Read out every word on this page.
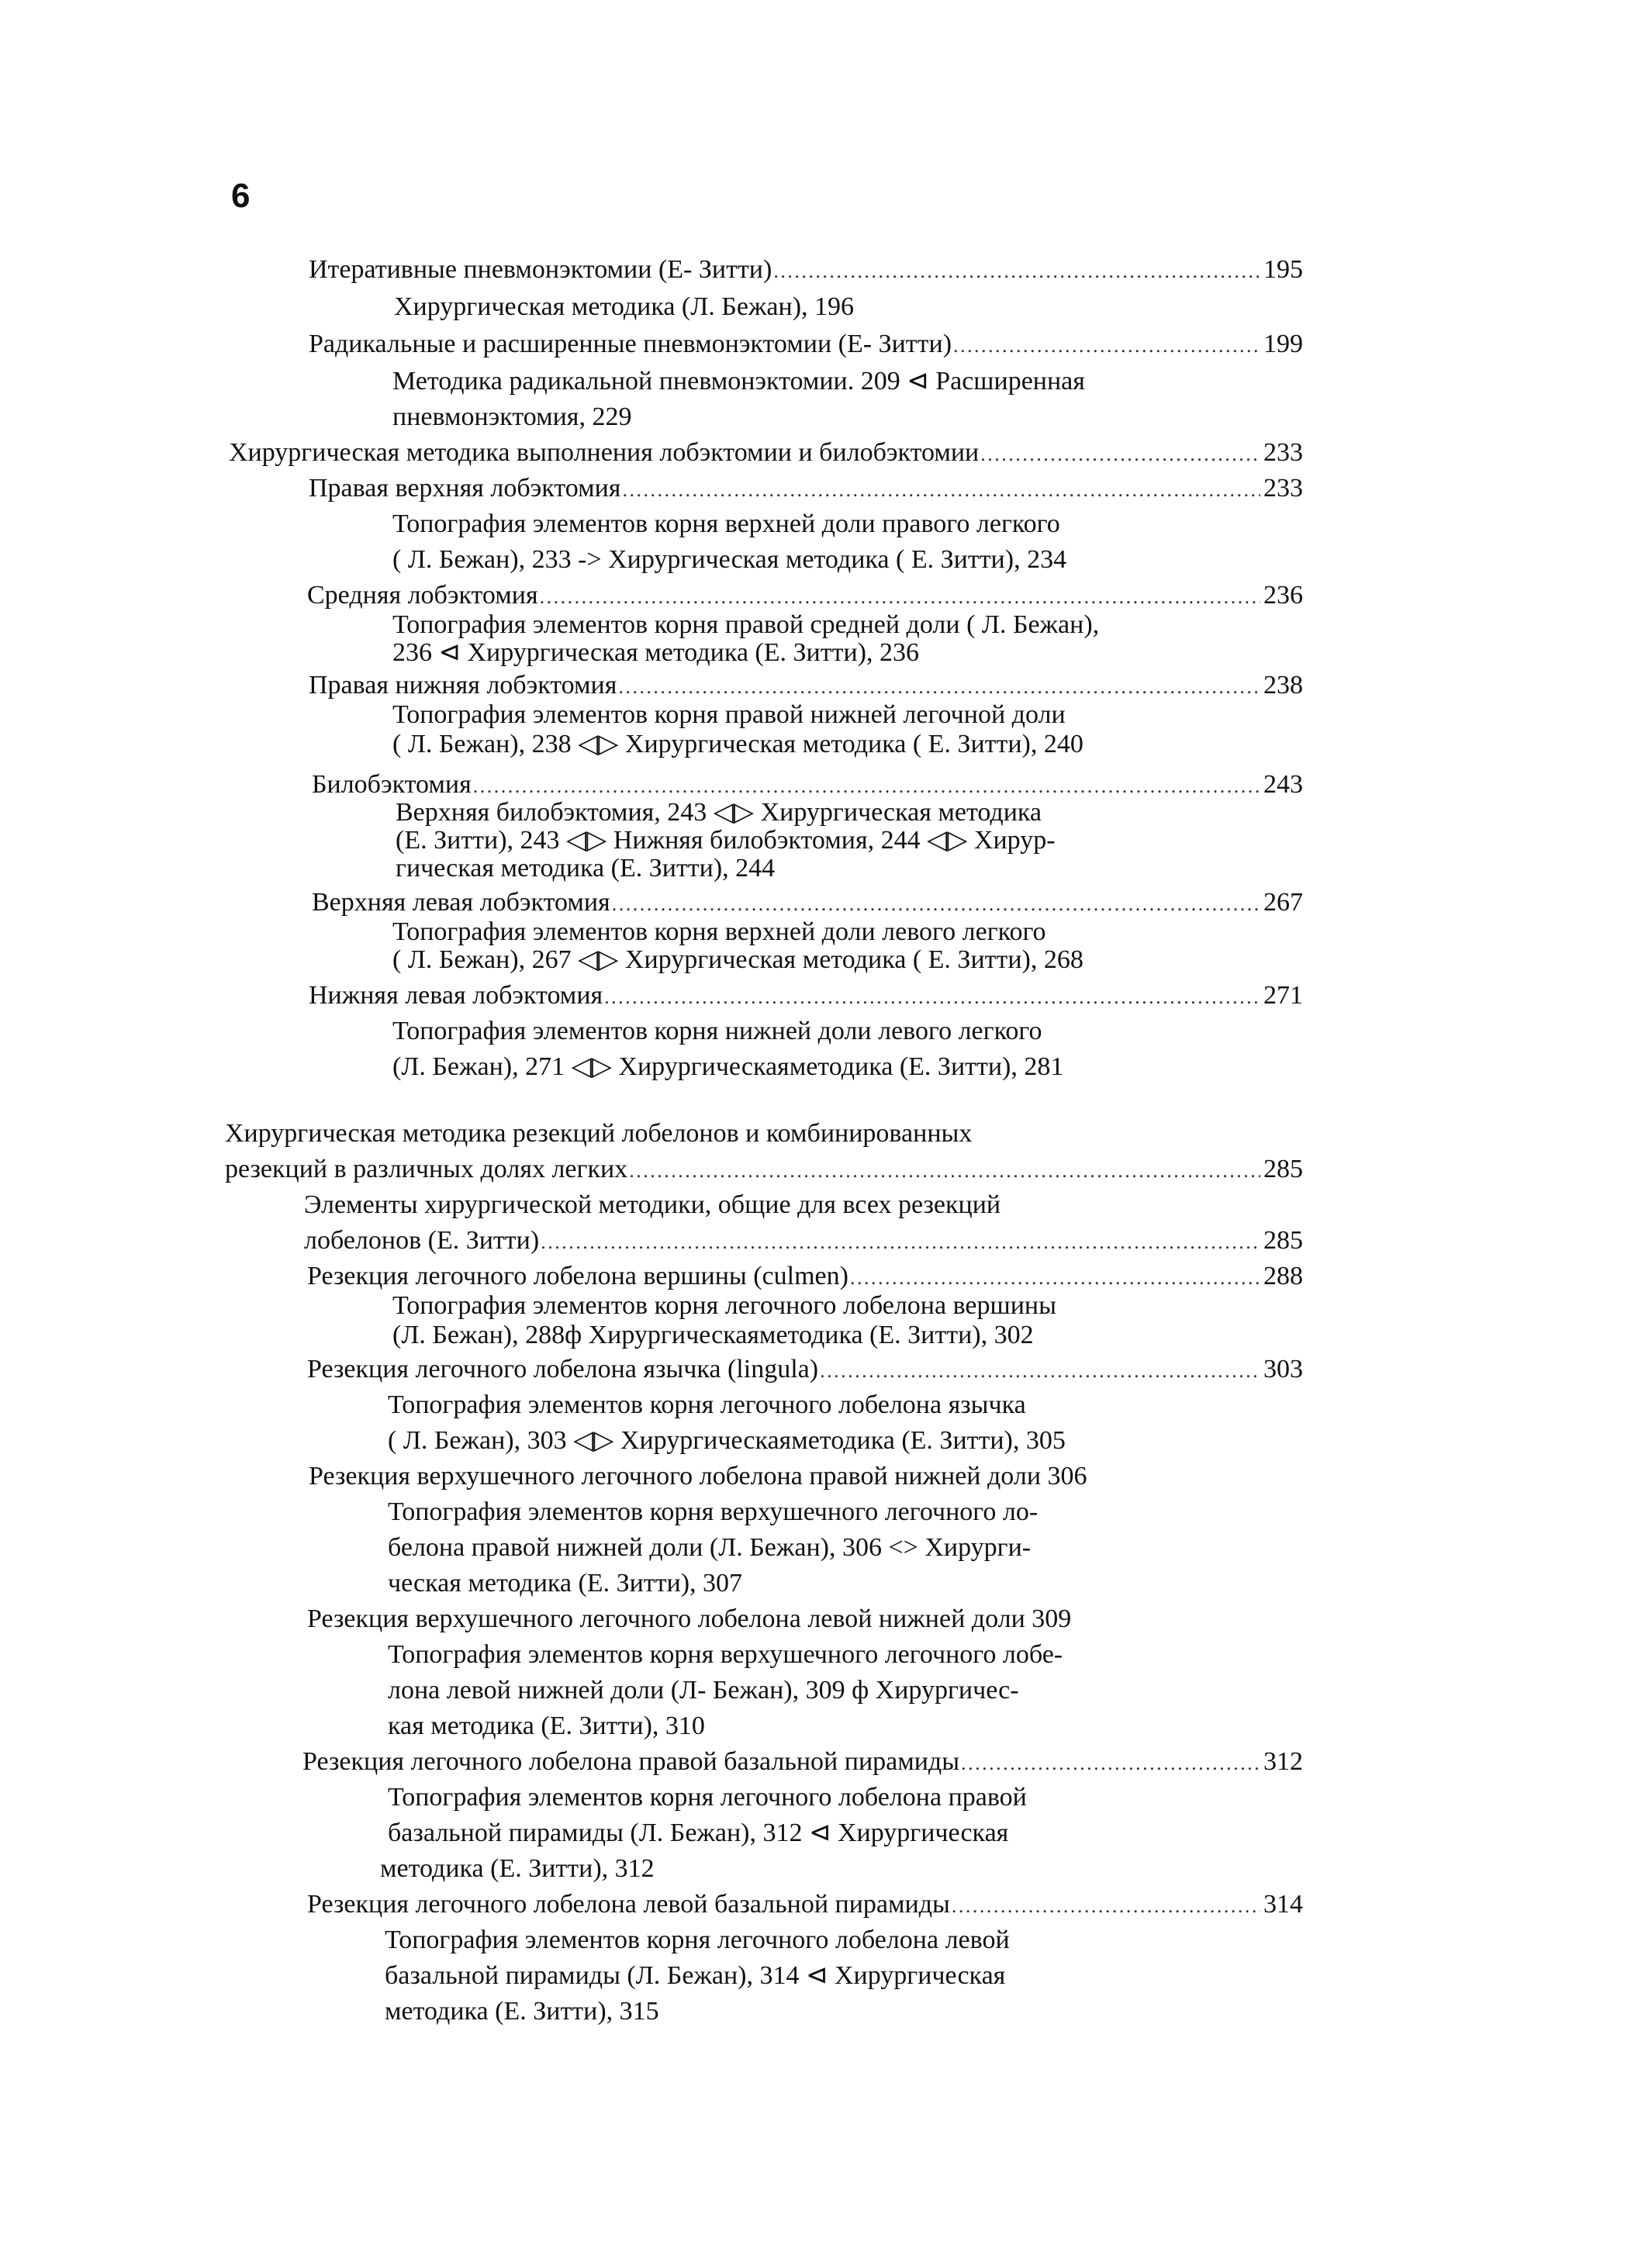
6
Итеративные пневмонэктомии (Е- Зитти) . . .	195
Хирургическая методика (Л. Бежан), 196
Радикальные и расширенные пневмонэктомии (Е- Зитти) . . .	199
Методика радикальной пневмонэктомии. 209 ⊲ Расширенная
пневмонэктомия, 229
Хирургическая методика выполнения лобэктомии и билобэктомии . . .	233
Правая верхняя лобэктомия . . .	233
Топография элементов корня верхней доли правого легкого
( Л. Бежан), 233 -> Хирургическая методика ( Е. Зитти), 234
Средняя лобэктомия . . .	236
Топография элементов корня правой средней доли ( Л. Бежан),
236 ⊲ Хирургическая методика (Е. Зитти), 236
Правая нижняя лобэктомия . . .	238
Топография элементов корня правой нижней легочной доли
( Л. Бежан), 238 ◁▷ Хирургическая методика ( Е. Зитти), 240
Билобэктомия . . .	243
Верхняя билобэктомия, 243 ◁▷ Хирургическая методика
(Е. Зитти), 243 ◁▷ Нижняя билобэктомия, 244 ◁▷ Хирур-
гическая методика (Е. Зитти), 244
Верхняя левая лобэктомия . . .	267
Топография элементов корня верхней доли левого легкого
( Л. Бежан), 267 ◁▷ Хирургическая методика ( Е. Зитти), 268
Нижняя левая лобэктомия . . .	271
Топография элементов корня нижней доли левого легкого
(Л. Бежан), 271 ◁▷ Хирургическаяметодика (Е. Зитти), 281
Хирургическая методика резекций лобелонов и комбинированных
резекций в различных долях легких . . .	285
Элементы хирургической методики, общие для всех резекций
лобелонов (Е. Зитти) . . .	285
Резекция легочного лобелона вершины (culmen) . . .	288
Топография элементов корня легочного лобелона вершины
(Л. Бежан), 288ф Хирургическаяметодика (Е. Зитти), 302
Резекция легочного лобелона язычка (lingula) . . .	303
Топография элементов корня легочного лобелона язычка
( Л. Бежан), 303 ◁▷ Хирургическаяметодика (Е. Зитти), 305
Резекция верхушечного легочного лобелона правой нижней доли 306
Топография элементов корня верхушечного легочного ло-
белона правой нижней доли (Л. Бежан), 306 <> Хирурги-
ческая методика (Е. Зитти), 307
Резекция верхушечного легочного лобелона левой нижней доли 309
Топография элементов корня верхушечного легочного лобе-
лона левой нижней доли (Л- Бежан), 309 ф Хирургичес-
кая методика (Е. Зитти), 310
Резекция легочного лобелона правой базальной пирамиды . . .	312
Топография элементов корня легочного лобелона правой
базальной пирамиды (Л. Бежан), 312 ⊲ Хирургическая
методика (Е. Зитти), 312
Резекция легочного лобелона левой базальной пирамиды . . .	314
Топография элементов корня легочного лобелона левой
базальной пирамиды (Л. Бежан), 314 ⊲ Хирургическая
методика (Е. Зитти), 315
